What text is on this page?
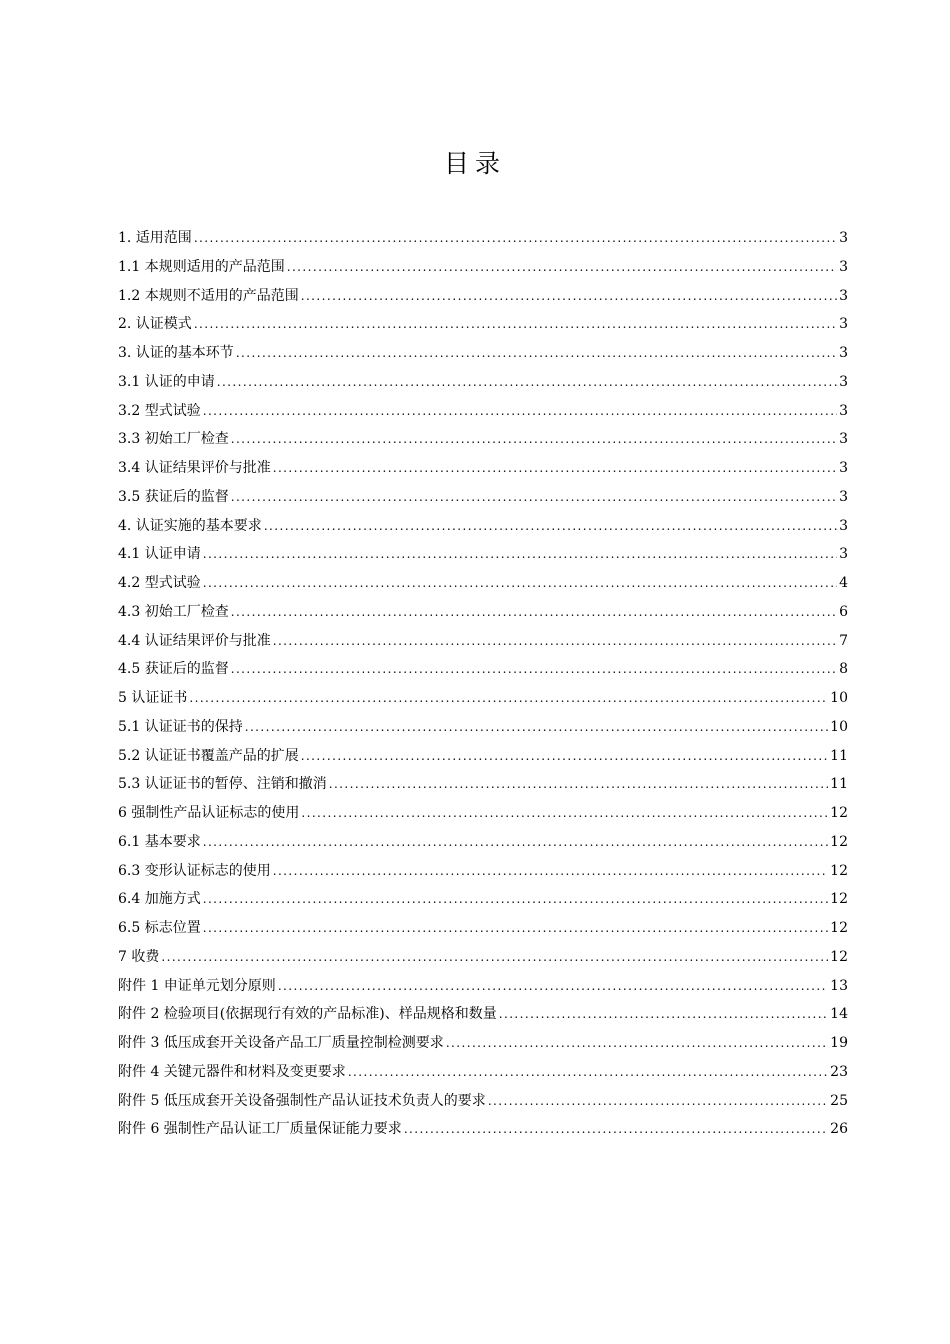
目录
1. 适用范围 . . .	3
1.1 本规则适用的产品范围 . . .	3
1.2 本规则不适用的产品范围 . . .	3
2. 认证模式 . . .	3
3. 认证的基本环节 . . .	3
3.1 认证的申请 . . .	3
3.2 型式试验 . . .	3
3.3 初始工厂检查 . . .	3
3.4 认证结果评价与批准 . . .	3
3.5 获证后的监督 . . .	3
4. 认证实施的基本要求 . . .	3
4.1 认证申请 . . .	3
4.2 型式试验 . . .	4
4.3 初始工厂检查 . . .	6
4.4 认证结果评价与批准 . . .	7
4.5 获证后的监督 . . .	8
5 认证证书 . . .	10
5.1 认证证书的保持 . . .	10
5.2 认证证书覆盖产品的扩展 . . .	11
5.3 认证证书的暂停、注销和撤消 . . .	11
6 强制性产品认证标志的使用 . . .	12
6.1 基本要求 . . .	12
6.3 变形认证标志的使用 . . .	12
6.4 加施方式 . . .	12
6.5 标志位置 . . .	12
7 收费 . . .	12
附件 1 申证单元划分原则 . . .	13
附件 2 检验项目(依据现行有效的产品标准)、样品规格和数量 . . .	14
附件 3 低压成套开关设备产品工厂质量控制检测要求 . . .	19
附件 4 关键元器件和材料及变更要求 . . .	23
附件 5 低压成套开关设备强制性产品认证技术负责人的要求 . . .	25
附件 6 强制性产品认证工厂质量保证能力要求 . . .	26
